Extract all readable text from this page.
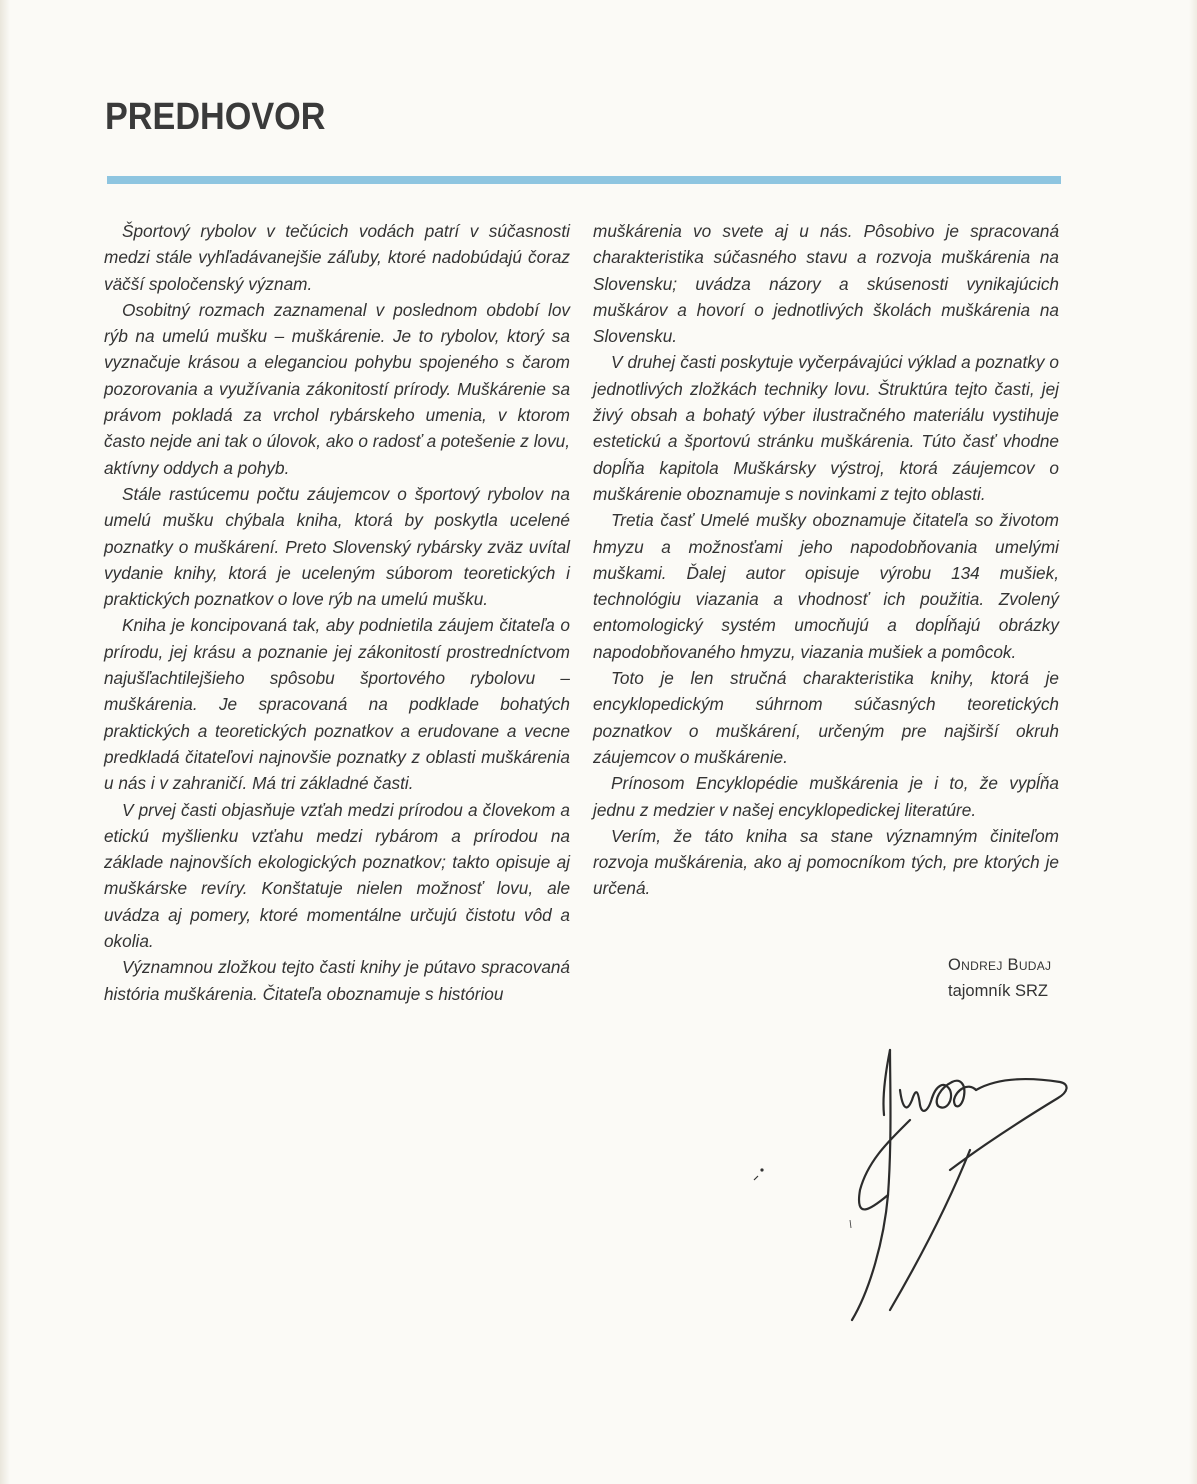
PREDHOVOR

Športový rybolov v tečúcich vodách patrí v súčasnosti medzi stále vyhľadávanejšie záľuby, ktoré nadobúdajú čoraz väčší spoločenský význam.

Osobitný rozmach zaznamenal v poslednom období lov rýb na umelú mušku – muškárenie. Je to rybolov, ktorý sa vyznačuje krásou a eleganciou pohybu spojeného s čarom pozorovania a využívania zákonitostí prírody. Muškárenie sa právom pokladá za vrchol rybárskeho umenia, v ktorom často nejde ani tak o úlovok, ako o radosť a potešenie z lovu, aktívny oddych a pohyb.

Stále rastúcemu počtu záujemcov o športový rybolov na umelú mušku chýbala kniha, ktorá by poskytla ucelené poznatky o muškárení. Preto Slovenský rybársky zväz uvítal vydanie knihy, ktorá je uceleným súborom teoretických i praktických poznatkov o love rýb na umelú mušku.

Kniha je koncipovaná tak, aby podnietila záujem čitateľa o prírodu, jej krásu a poznanie jej zákonitostí prostredníctvom najušľachtilejšieho spôsobu športového rybolovu – muškárenia. Je spracovaná na podklade bohatých praktických a teoretických poznatkov a erudovane a vecne predkladá čitateľovi najnovšie poznatky z oblasti muškárenia u nás i v zahraničí. Má tri základné časti.

V prvej časti objasňuje vzťah medzi prírodou a človekom a etickú myšlienku vzťahu medzi rybárom a prírodou na základe najnovších ekologických poznatkov; takto opisuje aj muškárske revíry. Konštatuje nielen možnosť lovu, ale uvádza aj pomery, ktoré momentálne určujú čistotu vôd a okolia.

Významnou zložkou tejto časti knihy je pútavo spracovaná história muškárenia. Čitateľa oboznamuje s históriou

muškárenia vo svete aj u nás. Pôsobivo je spracovaná charakteristika súčasného stavu a rozvoja muškárenia na Slovensku; uvádza názory a skúsenosti vynikajúcich muškárov a hovorí o jednotlivých školách muškárenia na Slovensku.

V druhej časti poskytuje vyčerpávajúci výklad a poznatky o jednotlivých zložkách techniky lovu. Štruktúra tejto časti, jej živý obsah a bohatý výber ilustračného materiálu vystihuje estetickú a športovú stránku muškárenia. Túto časť vhodne dopĺňa kapitola Muškársky výstroj, ktorá záujemcov o muškárenie oboznamuje s novinkami z tejto oblasti.

Tretia časť Umelé mušky oboznamuje čitateľa so životom hmyzu a možnosťami jeho napodobňovania umelými muškami. Ďalej autor opisuje výrobu 134 mušiek, technológiu viazania a vhodnosť ich použitia. Zvolený entomologický systém umocňujú a dopĺňajú obrázky napodobňovaného hmyzu, viazania mušiek a pomôcok.

Toto je len stručná charakteristika knihy, ktorá je encyklopedickým súhrnom súčasných teoretických poznatkov o muškárení, určeným pre najširší okruh záujemcov o muškárenie.

Prínosom Encyklopédie muškárenia je i to, že vypĺňa jednu z medzier v našej encyklopedickej literatúre.

Verím, že táto kniha sa stane významným činiteľom rozvoja muškárenia, ako aj pomocníkom tých, pre ktorých je určená.

Ondrej Budaj
tajomník SRZ
